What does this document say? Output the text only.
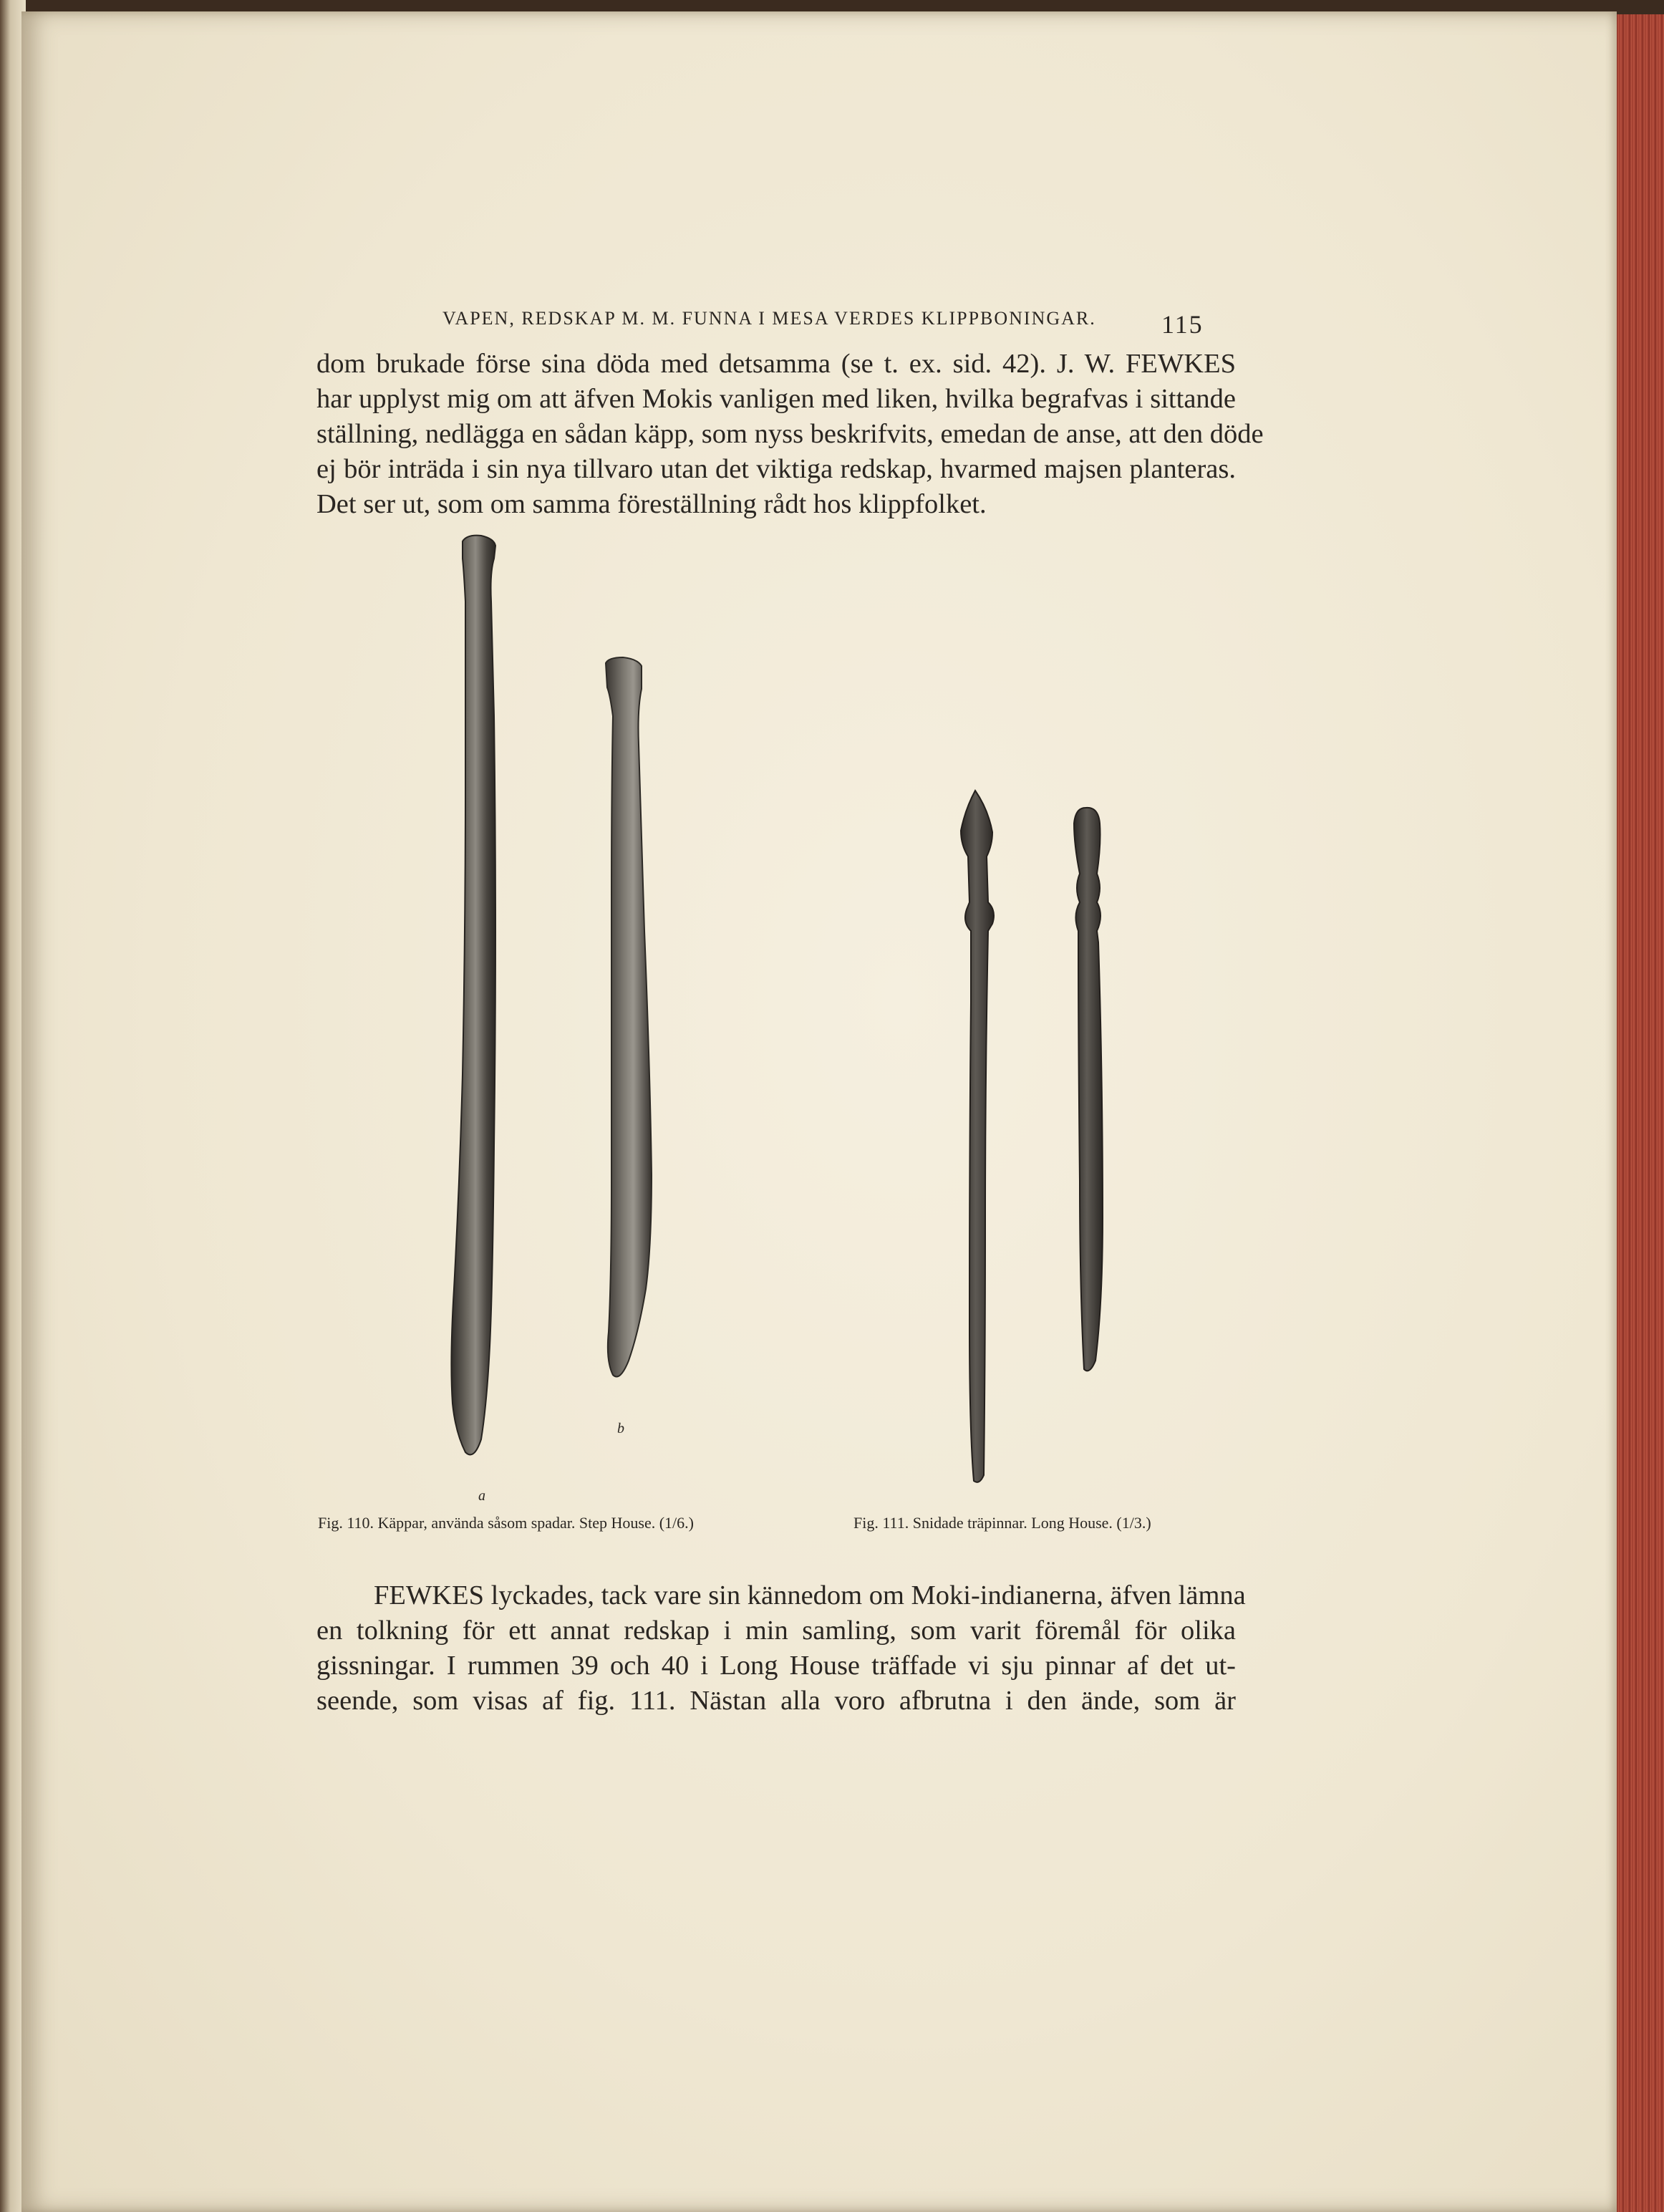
VAPEN, REDSKAP M. M. FUNNA I MESA VERDES KLIPPBONINGAR.	115
dom brukade förse sina döda med detsamma (se t. ex. sid. 42). J. W. FEWKES
har upplyst mig om att äfven Mokis vanligen med liken, hvilka begrafvas i sittande
ställning, nedlägga en sådan käpp, som nyss beskrifvits, emedan de anse, att den döde
ej bör inträda i sin nya tillvaro utan det viktiga redskap, hvarmed majsen planteras.
Det ser ut, som om samma föreställning rådt hos klippfolket.
a
b
Fig. 110. Käppar, använda såsom spadar. Step House. (1/6.)	Fig. 111. Snidade träpinnar. Long House. (1/3.)
FEWKES lyckades, tack vare sin kännedom om Moki-indianerna, äfven lämna
en tolkning för ett annat redskap i min samling, som varit föremål för olika
gissningar. I rummen 39 och 40 i Long House träffade vi sju pinnar af det ut-
seende, som visas af fig. 111. Nästan alla voro afbrutna i den ände, som är
